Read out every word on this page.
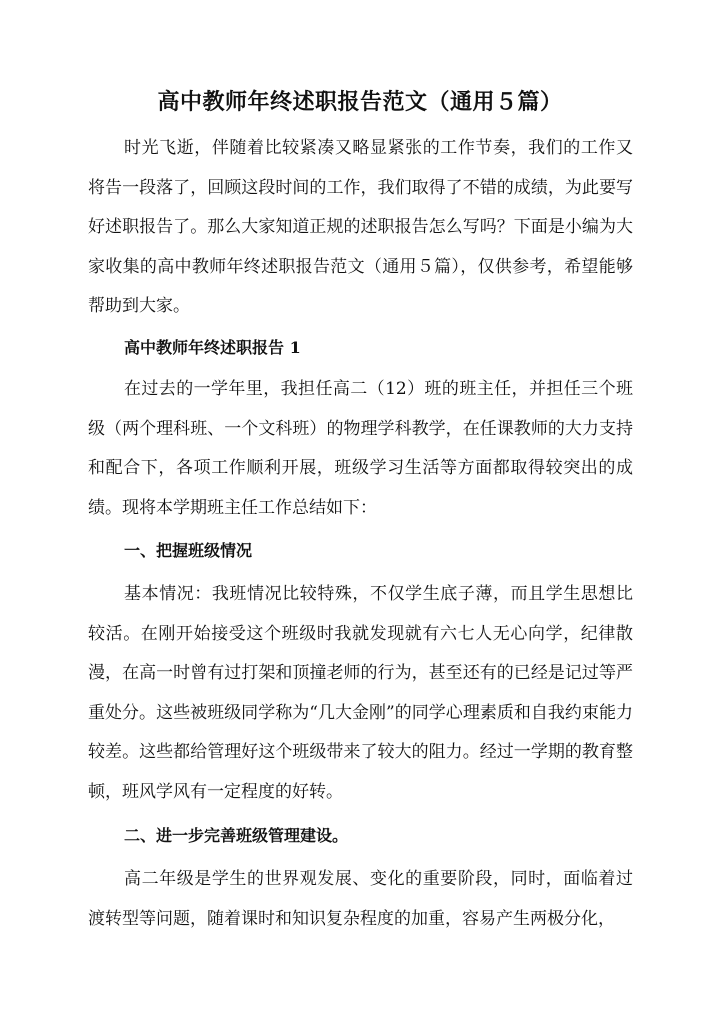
高中教师年终述职报告范文（通用５篇）

时光飞逝，伴随着比较紧凑又略显紧张的工作节奏，我们的工作又将告一段落了，回顾这段时间的工作，我们取得了不错的成绩，为此要写好述职报告了。那么大家知道正规的述职报告怎么写吗？下面是小编为大家收集的高中教师年终述职报告范文（通用５篇），仅供参考，希望能够帮助到大家。

高中教师年终述职报告 1

在过去的一学年里，我担任高二（12）班的班主任，并担任三个班级（两个理科班、一个文科班）的物理学科教学，在任课教师的大力支持和配合下，各项工作顺利开展，班级学习生活等方面都取得较突出的成绩。现将本学期班主任工作总结如下：

一、把握班级情况

基本情况：我班情况比较特殊，不仅学生底子薄，而且学生思想比较活。在刚开始接受这个班级时我就发现就有六七人无心向学，纪律散漫，在高一时曾有过打架和顶撞老师的行为，甚至还有的已经是记过等严重处分。这些被班级同学称为“几大金刚”的同学心理素质和自我约束能力较差。这些都给管理好这个班级带来了较大的阻力。经过一学期的教育整顿，班风学风有一定程度的好转。

二、进一步完善班级管理建设。

高二年级是学生的世界观发展、变化的重要阶段，同时，面临着过渡转型等问题，随着课时和知识复杂程度的加重，容易产生两极分化，
